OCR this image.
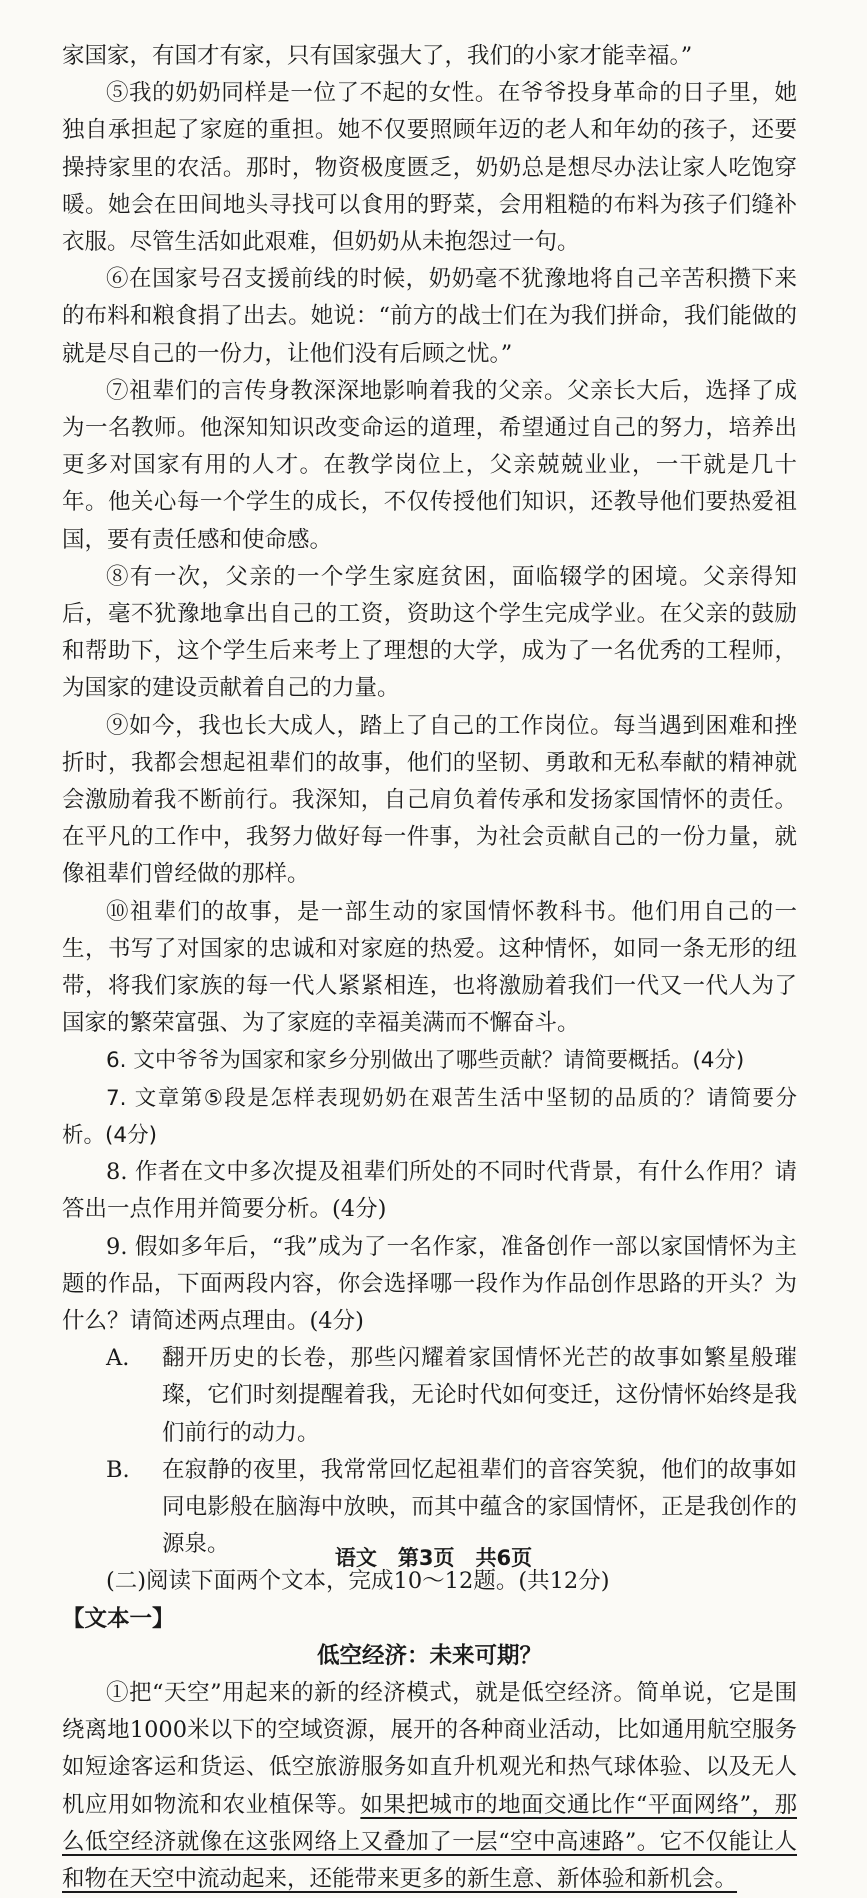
家国家，有国才有家，只有国家强大了，我们的小家才能幸福。”

⑤我的奶奶同样是一位了不起的女性。在爷爷投身革命的日子里，她独自承担起了家庭的重担。她不仅要照顾年迈的老人和年幼的孩子，还要操持家里的农活。那时，物资极度匮乏，奶奶总是想尽办法让家人吃饱穿暖。她会在田间地头寻找可以食用的野菜，会用粗糙的布料为孩子们缝补衣服。尽管生活如此艰难，但奶奶从未抱怨过一句。

⑥在国家号召支援前线的时候，奶奶毫不犹豫地将自己辛苦积攒下来的布料和粮食捐了出去。她说：“前方的战士们在为我们拼命，我们能做的就是尽自己的一份力，让他们没有后顾之忧。”

⑦祖辈们的言传身教深深地影响着我的父亲。父亲长大后，选择了成为一名教师。他深知知识改变命运的道理，希望通过自己的努力，培养出更多对国家有用的人才。在教学岗位上，父亲兢兢业业，一干就是几十年。他关心每一个学生的成长，不仅传授他们知识，还教导他们要热爱祖国，要有责任感和使命感。

⑧有一次，父亲的一个学生家庭贫困，面临辍学的困境。父亲得知后，毫不犹豫地拿出自己的工资，资助这个学生完成学业。在父亲的鼓励和帮助下，这个学生后来考上了理想的大学，成为了一名优秀的工程师，为国家的建设贡献着自己的力量。

⑨如今，我也长大成人，踏上了自己的工作岗位。每当遇到困难和挫折时，我都会想起祖辈们的故事，他们的坚韧、勇敢和无私奉献的精神就会激励着我不断前行。我深知，自己肩负着传承和发扬家国情怀的责任。在平凡的工作中，我努力做好每一件事，为社会贡献自己的一份力量，就像祖辈们曾经做的那样。

⑩祖辈们的故事，是一部生动的家国情怀教科书。他们用自己的一生，书写了对国家的忠诚和对家庭的热爱。这种情怀，如同一条无形的纽带，将我们家族的每一代人紧紧相连，也将激励着我们一代又一代人为了国家的繁荣富强、为了家庭的幸福美满而不懈奋斗。

6. 文中爷爷为国家和家乡分别做出了哪些贡献？请简要概括。(4分)

7. 文章第⑤段是怎样表现奶奶在艰苦生活中坚韧的品质的？请简要分析。(4分)

8. 作者在文中多次提及祖辈们所处的不同时代背景，有什么作用？请答出一点作用并简要分析。(4分)

9. 假如多年后，“我”成为了一名作家，准备创作一部以家国情怀为主题的作品，下面两段内容，你会选择哪一段作为作品创作思路的开头？为什么？请简述两点理由。(4分)

A.	翻开历史的长卷，那些闪耀着家国情怀光芒的故事如繁星般璀璨，它们时刻提醒着我，无论时代如何变迁，这份情怀始终是我们前行的动力。
B.	在寂静的夜里，我常常回忆起祖辈们的音容笑貌，他们的故事如同电影般在脑海中放映，而其中蕴含的家国情怀，正是我创作的源泉。

(二)阅读下面两个文本，完成10～12题。(共12分)

【文本一】

低空经济：未来可期？

①把“天空”用起来的新的经济模式，就是低空经济。简单说，它是围绕离地1000米以下的空域资源，展开的各种商业活动，比如通用航空服务如短途客运和货运、低空旅游服务如直升机观光和热气球体验、以及无人机应用如物流和农业植保等。如果把城市的地面交通比作“平面网络”，那么低空经济就像在这张网络上又叠加了一层“空中高速路”。它不仅能让人和物在天空中流动起来，还能带来更多的新生意、新体验和新机会。

语文　第3页　共6页
